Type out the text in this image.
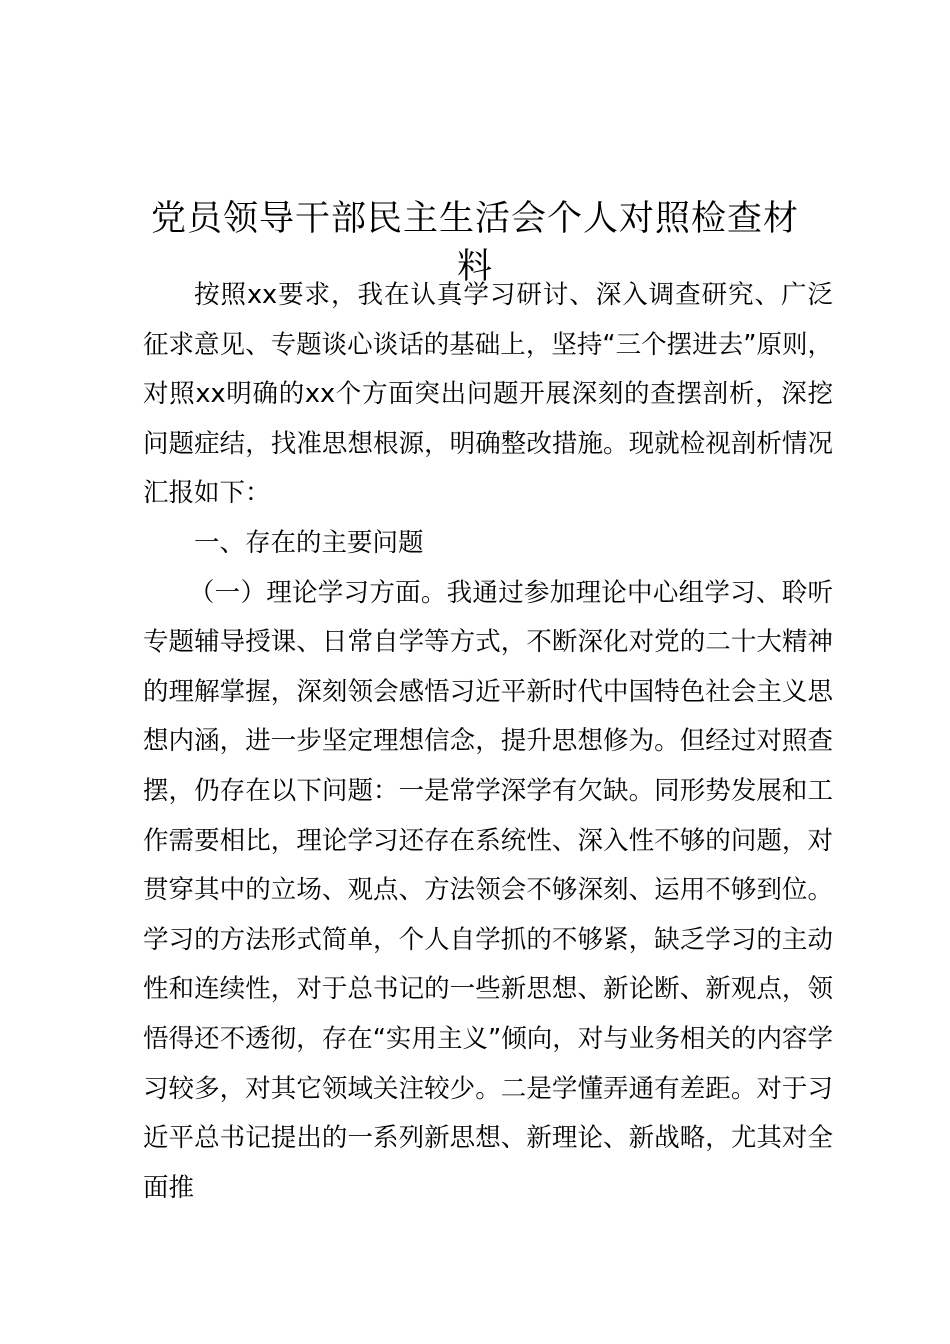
党员领导干部民主生活会个人对照检查材料

按照xx要求，我在认真学习研讨、深入调查研究、广泛征求意见、专题谈心谈话的基础上，坚持“三个摆进去”原则，对照xx明确的xx个方面突出问题开展深刻的查摆剖析，深挖问题症结，找准思想根源，明确整改措施。现就检视剖析情况汇报如下：

一、存在的主要问题

（一）理论学习方面。我通过参加理论中心组学习、聆听专题辅导授课、日常自学等方式，不断深化对党的二十大精神的理解掌握，深刻领会感悟习近平新时代中国特色社会主义思想内涵，进一步坚定理想信念，提升思想修为。但经过对照查摆，仍存在以下问题：一是常学深学有欠缺。同形势发展和工作需要相比，理论学习还存在系统性、深入性不够的问题，对贯穿其中的立场、观点、方法领会不够深刻、运用不够到位。学习的方法形式简单，个人自学抓的不够紧，缺乏学习的主动性和连续性，对于总书记的一些新思想、新论断、新观点，领悟得还不透彻，存在“实用主义”倾向，对与业务相关的内容学习较多，对其它领域关注较少。二是学懂弄通有差距。对于习近平总书记提出的一系列新思想、新理论、新战略，尤其对全面推
